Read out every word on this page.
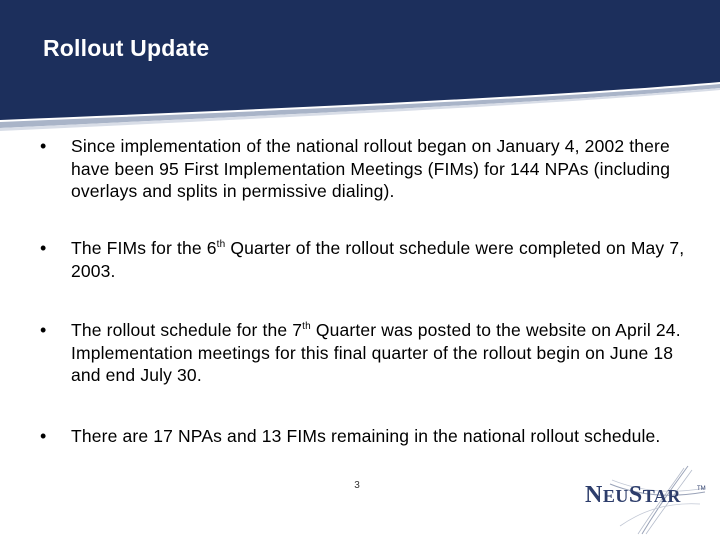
Rollout Update
• Since implementation of the national rollout began on January 4, 2002 there have been 95 First Implementation Meetings (FIMs) for 144 NPAs (including overlays and splits in permissive dialing).
• The FIMs for the 6th Quarter of the rollout schedule were completed on May 7, 2003.
• The rollout schedule for the 7th Quarter was posted to the website on April 24. Implementation meetings for this final quarter of the rollout begin on June 18 and end July 30.
• There are 17 NPAs and 13 FIMs remaining in the national rollout schedule.
3	NEUSTAR	TM
